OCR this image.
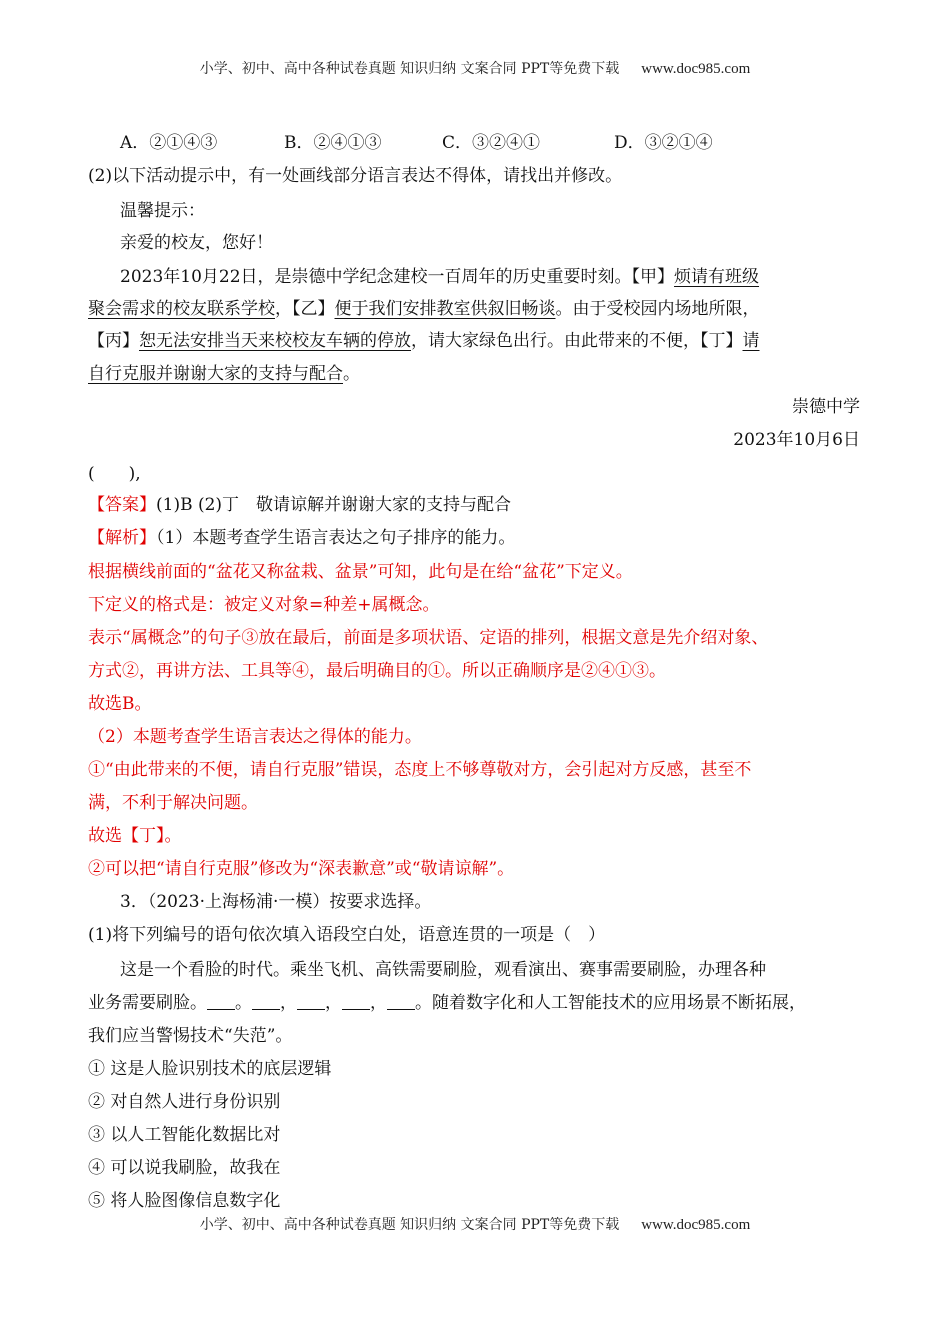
小学、初中、高中各种试卷真题 知识归纳 文案合同 PPT等免费下载 www.doc985.com
A．②①④③	B．②④①③	C．③②④①	D．③②①④
(2)以下活动提示中，有一处画线部分语言表达不得体，请找出并修改。
温馨提示：
亲爱的校友，您好！
2023年10月22日，是崇德中学纪念建校一百周年的历史重要时刻。【甲】烦请有班级
聚会需求的校友联系学校，【乙】便于我们安排教室供叙旧畅谈。由于受校园内场地所限，
【丙】恕无法安排当天来校校友车辆的停放，请大家绿色出行。由此带来的不便，【丁】请
自行克服并谢谢大家的支持与配合。
崇德中学
2023年10月6日
(　　),
【答案】(1)B (2)丁　敬请谅解并谢谢大家的支持与配合
【解析】（1）本题考查学生语言表达之句子排序的能力。
根据横线前面的“盆花又称盆栽、盆景”可知，此句是在给“盆花”下定义。
下定义的格式是：被定义对象=种差+属概念。
表示“属概念”的句子③放在最后，前面是多项状语、定语的排列，根据文意是先介绍对象、
方式②，再讲方法、工具等④，最后明确目的①。所以正确顺序是②④①③。
故选B。
（2）本题考查学生语言表达之得体的能力。
①“由此带来的不便，请自行克服”错误，态度上不够尊敬对方，会引起对方反感，甚至不
满，不利于解决问题。
故选【丁】。
②可以把“请自行克服”修改为“深表歉意”或“敬请谅解”。
3．（2023·上海杨浦·一模）按要求选择。
(1)将下列编号的语句依次填入语段空白处，语意连贯的一项是（　）
这是一个看脸的时代。乘坐飞机、高铁需要刷脸，观看演出、赛事需要刷脸，办理各种
业务需要刷脸。 。 ， ， ， 。随着数字化和人工智能技术的应用场景不断拓展，
我们应当警惕技术“失范”。
① 这是人脸识别技术的底层逻辑
② 对自然人进行身份识别
③ 以人工智能化数据比对
④ 可以说我刷脸，故我在
⑤ 将人脸图像信息数字化
小学、初中、高中各种试卷真题 知识归纳 文案合同 PPT等免费下载 www.doc985.com
